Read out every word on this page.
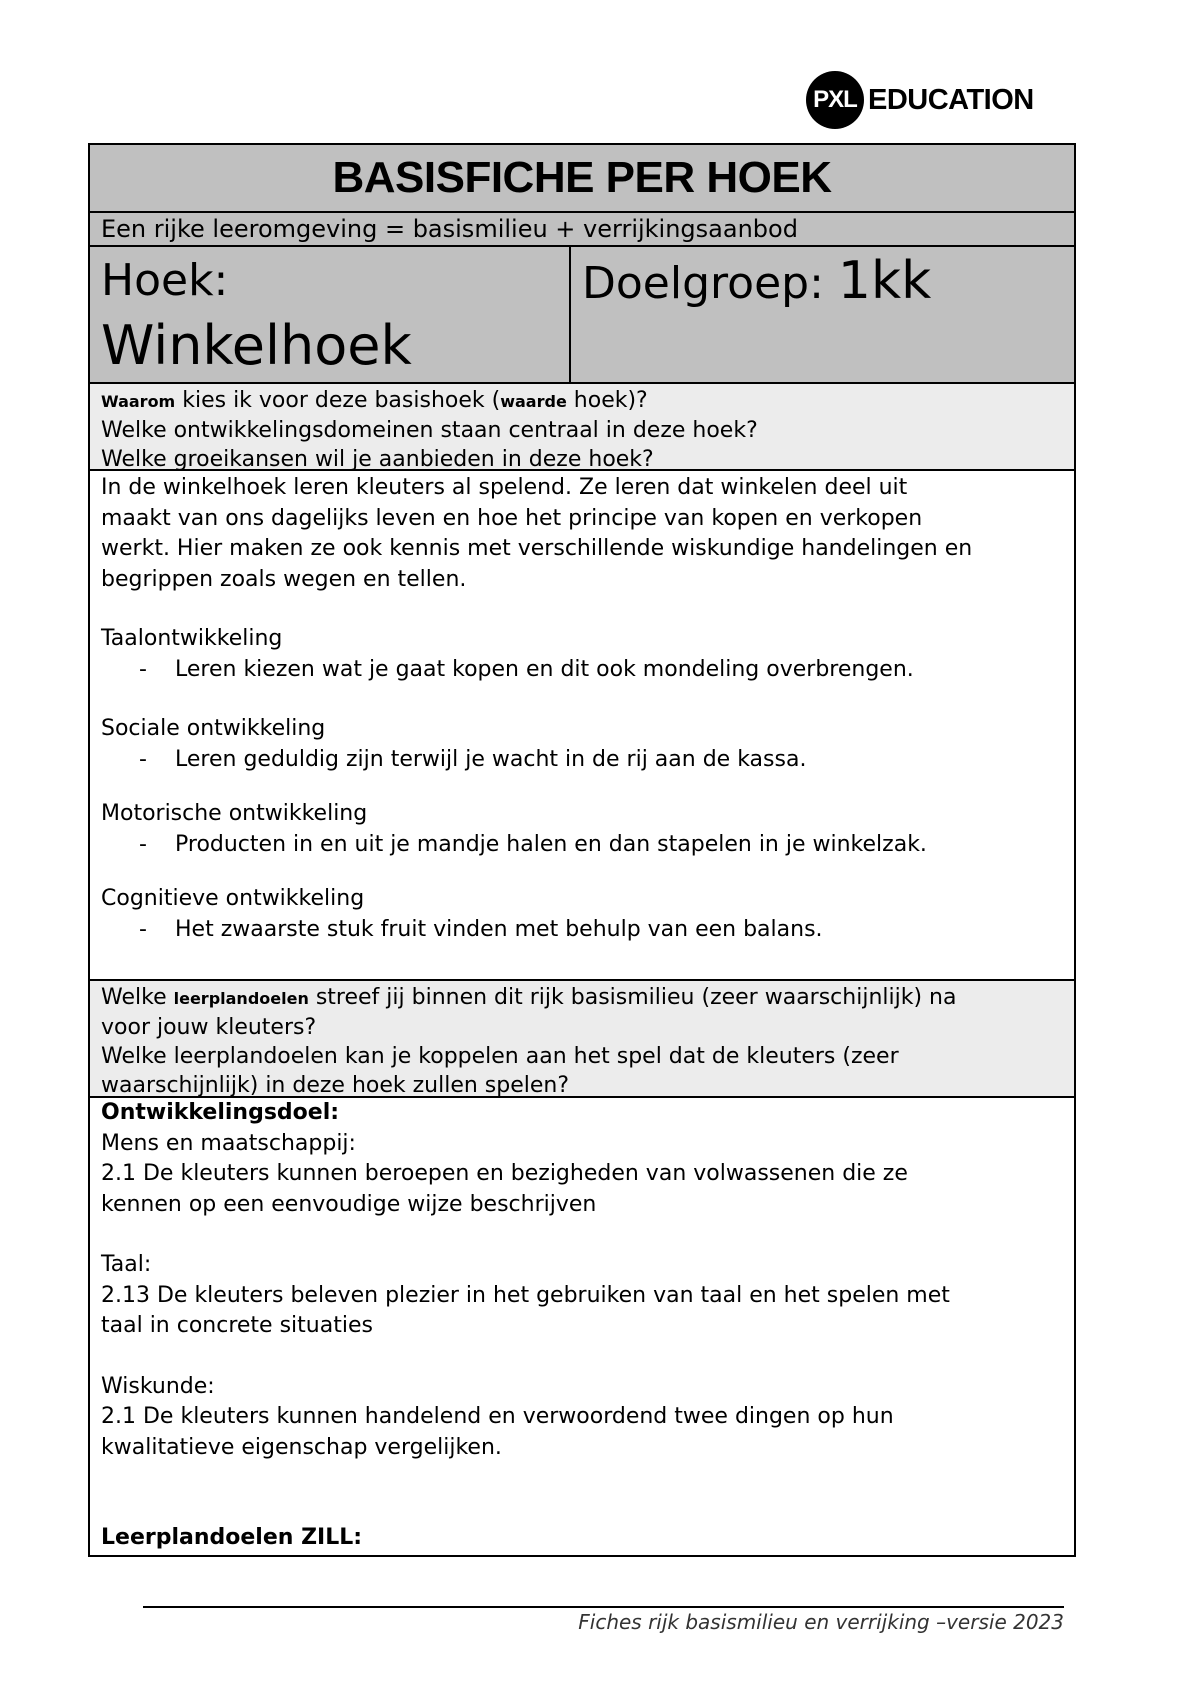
PXL EDUCATION
BASISFICHE PER HOEK
Een rijke leeromgeving = basismilieu + verrijkingsaanbod
Hoek:
Winkelhoek
Doelgroep: 1kk
Waarom kies ik voor deze basishoek (waarde hoek)?
Welke ontwikkelingsdomeinen staan centraal in deze hoek?
Welke groeikansen wil je aanbieden in deze hoek?

In de winkelhoek leren kleuters al spelend. Ze leren dat winkelen deel uit

maakt van ons dagelijks leven en hoe het principe van kopen en verkopen

werkt. Hier maken ze ook kennis met verschillende wiskundige handelingen en

begrippen zoals wegen en tellen.

Taalontwikkeling

-	Leren kiezen wat je gaat kopen en dit ook mondeling overbrengen.

Sociale ontwikkeling

-	Leren geduldig zijn terwijl je wacht in de rij aan de kassa.

Motorische ontwikkeling

-	Producten in en uit je mandje halen en dan stapelen in je winkelzak.

Cognitieve ontwikkeling

-	Het zwaarste stuk fruit vinden met behulp van een balans.
Welke leerplandoelen streef jij binnen dit rijk basismilieu (zeer waarschijnlijk) na
voor jouw kleuters?
Welke leerplandoelen kan je koppelen aan het spel dat de kleuters (zeer
waarschijnlijk) in deze hoek zullen spelen?

Ontwikkelingsdoel:

Mens en maatschappij:

2.1 De kleuters kunnen beroepen en bezigheden van volwassenen die ze

kennen op een eenvoudige wijze beschrijven

Taal:

2.13 De kleuters beleven plezier in het gebruiken van taal en het spelen met

taal in concrete situaties

Wiskunde:

2.1 De kleuters kunnen handelend en verwoordend twee dingen op hun

kwalitatieve eigenschap vergelijken.

Leerplandoelen ZILL:

Fiches rijk basismilieu en verrijking –versie 2023
